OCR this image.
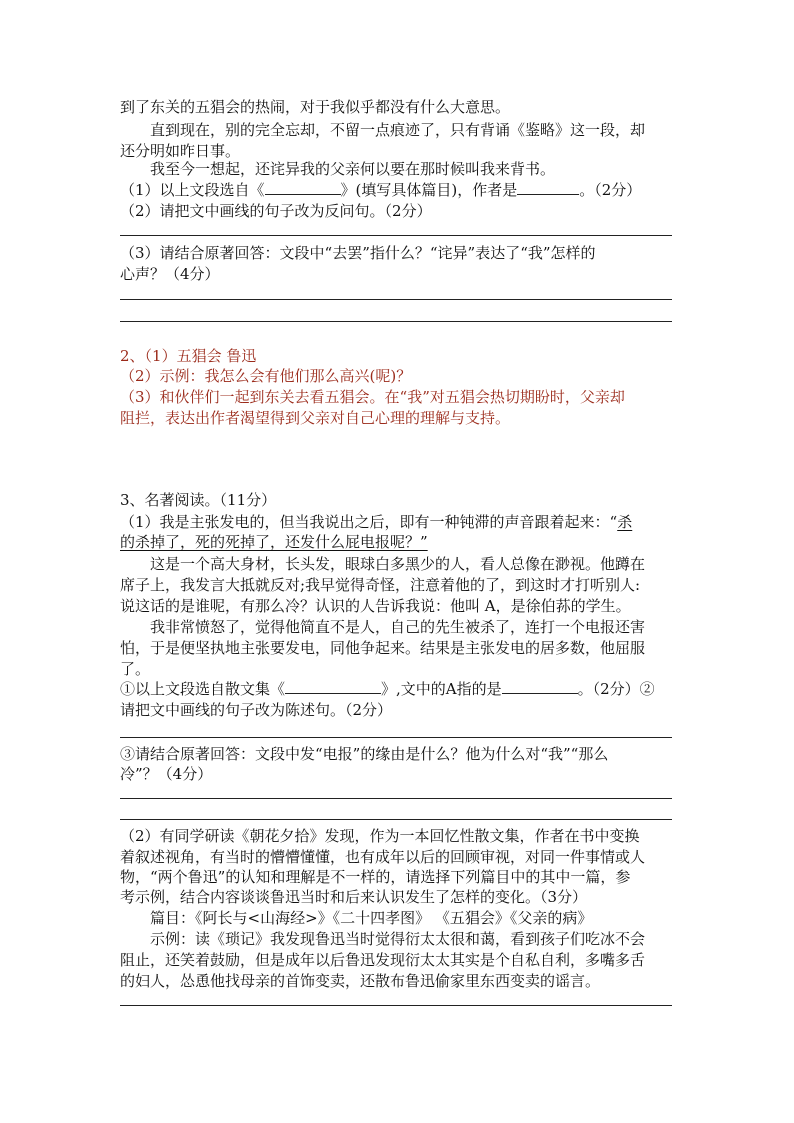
到了东关的五猖会的热闹，对于我似乎都没有什么大意思。
直到现在，别的完全忘却，不留一点痕迹了，只有背诵《鉴略》这一段，却
还分明如昨日事。
我至今一想起，还诧异我的父亲何以要在那时候叫我来背书。
（1）以上文段选自《	》(填写具体篇目)，作者是	。（2分）
（2）请把文中画线的句子改为反问句。（2分）
（3）请结合原著回答：文段中“去罢”指什么？“诧异”表达了“我”怎样的
心声？（4分）
2、（1）五猖会 鲁迅
（2）示例：我怎么会有他们那么高兴(呢)？
（3）和伙伴们一起到东关去看五猖会。在“我”对五猖会热切期盼时，父亲却
阻拦，表达出作者渴望得到父亲对自己心理的理解与支持。
3、名著阅读。（11分）
（1）我是主张发电的，但当我说出之后，即有一种钝滞的声音跟着起来：“杀
的杀掉了，死的死掉了，还发什么屁电报呢？”
这是一个高大身材，长头发，眼球白多黑少的人，看人总像在渺视。他蹲在
席子上，我发言大抵就反对;我早觉得奇怪，注意着他的了，到这时才打听别人:
说这话的是谁呢，有那么冷？认识的人告诉我说：他叫 A，是徐伯荪的学生。
我非常愤怒了，觉得他简直不是人，自己的先生被杀了，连打一个电报还害
怕，于是便坚执地主张要发电，同他争起来。结果是主张发电的居多数，他屈服
了。
①以上文段选自散文集《	》,文中的A指的是	。（2分）②
请把文中画线的句子改为陈述句。（2分）
③请结合原著回答：文段中发“电报”的缘由是什么？他为什么对“我”“那么
冷”？（4分）
（2）有同学研读《朝花夕拾》发现，作为一本回忆性散文集，作者在书中变换
着叙述视角，有当时的懵懵懂懂，也有成年以后的回顾审视，对同一件事情或人
物，“两个鲁迅”的认知和理解是不一样的，请选择下列篇目中的其中一篇，参
考示例，结合内容谈谈鲁迅当时和后来认识发生了怎样的变化。（3分）
篇目：《阿长与<山海经>》《二十四孝图》 《五猖会》《父亲的病》
示例：读《琐记》我发现鲁迅当时觉得衍太太很和蔼，看到孩子们吃冰不会
阻止，还笑着鼓励，但是成年以后鲁迅发现衍太太其实是个自私自利，多嘴多舌
的妇人，怂恿他找母亲的首饰变卖，还散布鲁迅偷家里东西变卖的谣言。
